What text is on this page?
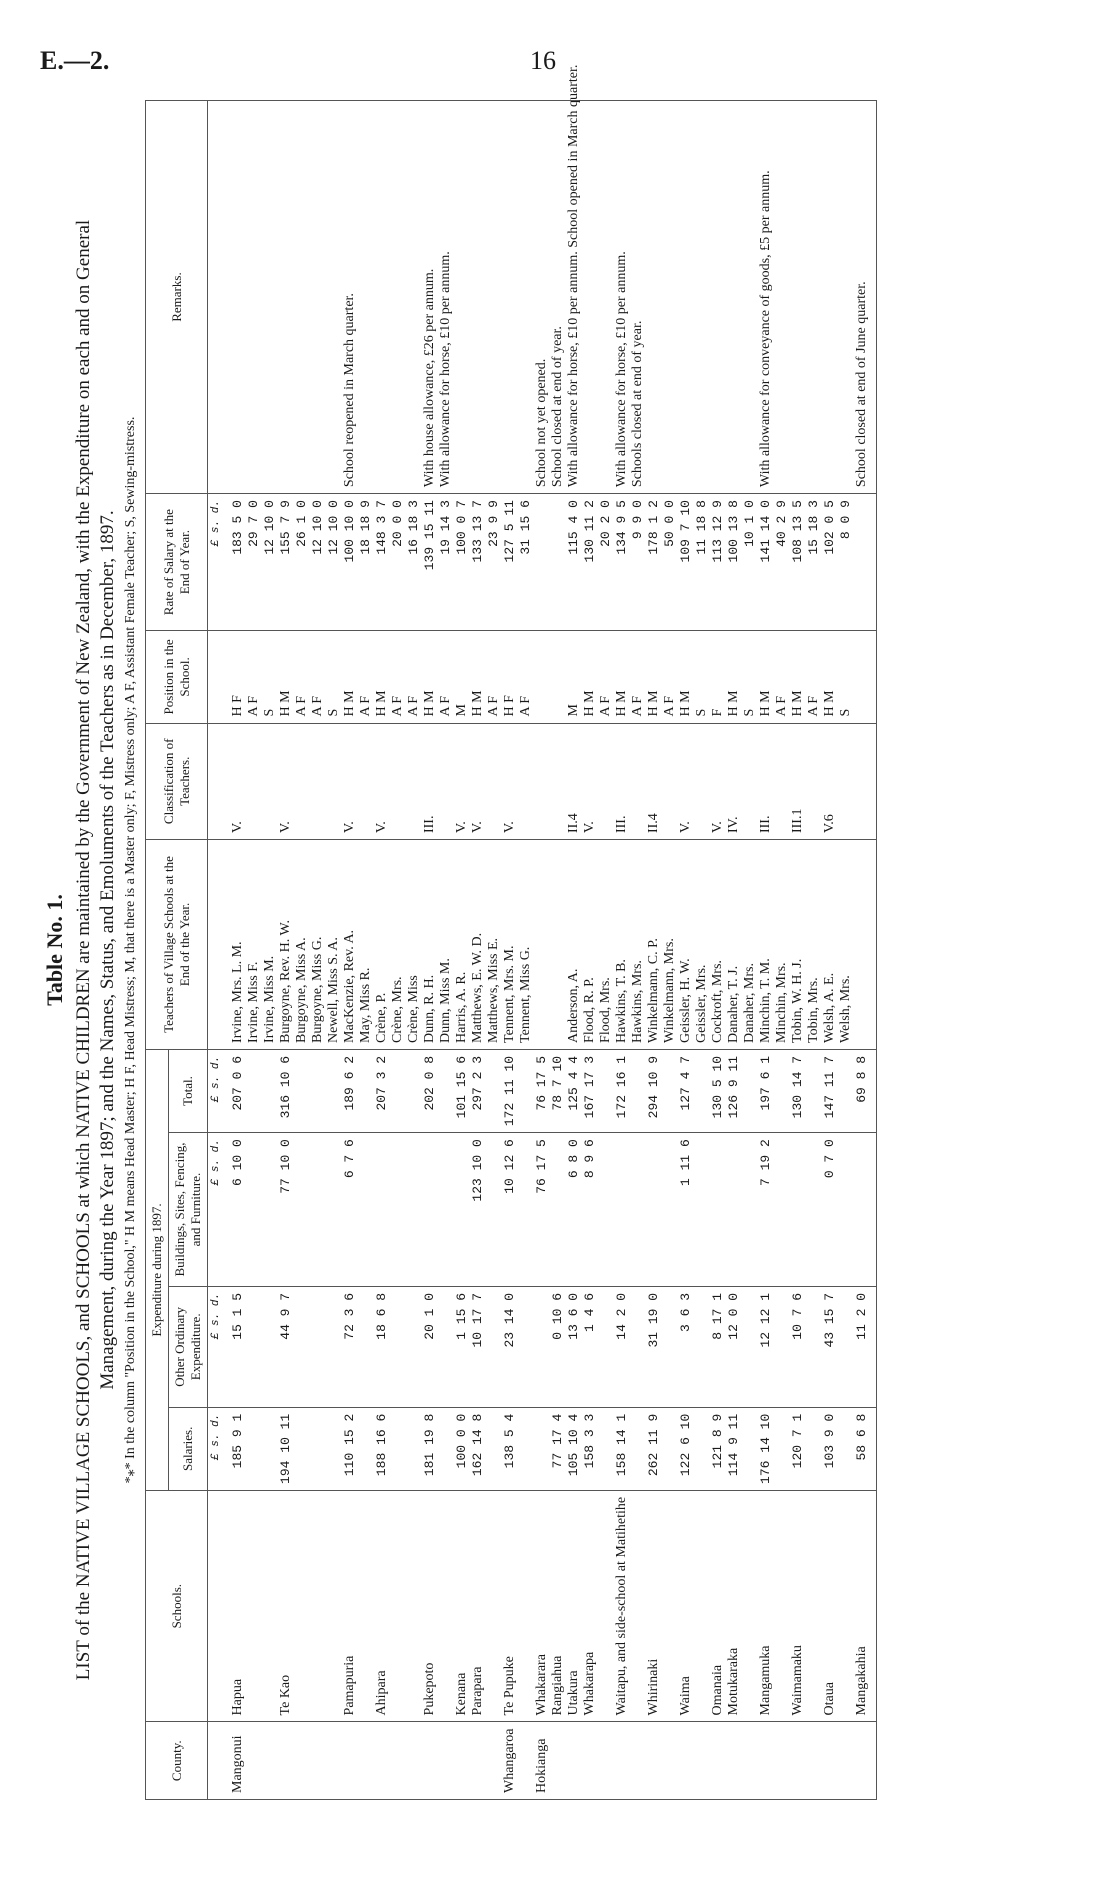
E.—2.	16
Table No. 1. LIST of the NATIVE VILLAGE SCHOOLS, and SCHOOLS at which NATIVE CHILDREN are maintained by the Government of New Zealand, with the Expenditure on each and on General Management, during the Year 1897; and the Names, Status, and Emoluments of the Teachers as in December, 1897. *⁎* In the column "Position in the School," H M means Head Master; H F, Head Mistress; M, that there is a Master only; F, Mistress only; A F, Assistant Female Teacher; S, Sewing-mistress.
County.	Schools.	Expenditure during 1897.				Teachers of Village Schools at the End of the Year.	Classification of Teachers.	Position in the School.	Rate of Salary at the End of Year.	Remarks.
		Salaries.	Other Ordinary Expenditure.	Buildings, Sites, Fencing, and Furniture.	Total.					
		£ s. d.	£ s. d.	£ s. d.	£ s. d.				£ s. d.	
Mangonui	Hapua	185 9 1	15 1 5	6 10 0	207 0 6	Irvine, Mrs. L. M.	V.	H F	183 5 0	
						Irvine, Miss F.		A F	29 7 0	
						Irvine, Miss M.		S	12 10 0	
	Te Kao	194 10 11	44 9 7	77 10 0	316 10 6	Burgoyne, Rev. H. W.	V.	H M	155 7 9	
						Burgoyne, Miss A.		A F	26 1 0	
						Burgoyne, Miss G.		A F	12 10 0	
						Newell, Miss S. A.		S	12 10 0	
	Pamapuria	110 15 2	72 3 6	6 7 6	189 6 2	MacKenzie, Rev. A.	V.	H M	100 10 0	School reopened in March quarter.
						May, Miss R.		A F	18 18 9	
	Ahipara	188 16 6	18 6 8		207 3 2	Crène, P.	V.	H M	148 3 7	
						Crène, Mrs.		A F	20 0 0	
						Crène, Miss		A F	16 18 3	
	Pukepoto	181 19 8	20 1 0		202 0 8	Dunn, R. H.	III.	H M	139 15 11	With house allowance, £26 per annum.
						Dunn, Miss M.		A F	19 14 3	With allowance for horse, £10 per annum.
	Kenana	100 0 0	1 15 6		101 15 6	Harris, A. R.	V.	M	100 0 7	
	Parapara	162 14 8	10 17 7	123 10 0	297 2 3	Matthews, E. W. D.	V.	H M	133 13 7	
						Matthews, Miss E.		A F	23 9 9	
Whangaroa	Te Pupuke	138 5 4	23 14 0	10 12 6	172 11 10	Tennent, Mrs. M.	V.	H F	127 5 11	
						Tennent, Miss G.		A F	31 15 6	
Hokianga	Whakarara			76 17 5	76 17 5					School not yet opened.
	Rangiahua	77 17 4	0 10 6		78 7 10					School closed at end of year.
	Utakura	105 10 4	13 6 0	6 8 0	125 4 4	Anderson, A.	II.4	M	115 4 0	With allowance for horse, £10 per annum. School opened in March quarter.
	Whakarapa	158 3 3	1 4 6	8 9 6	167 17 3	Flood, R. P.	V.	H M	130 11 2	
						Flood, Mrs.		A F	20 2 0	
	Waitapu, and side-school at Matihetihe	158 14 1	14 2 0		172 16 1	Hawkins, T. B.	III.	H M	134 9 5	With allowance for horse, £10 per annum.
						Hawkins, Mrs.		A F	9 9 0	Schools closed at end of year.
	Whirinaki	262 11 9	31 19 0		294 10 9	Winkelmann, C. P.	II.4	H M	178 1 2	
						Winkelmann, Mrs.		A F	50 0 0	
	Waima	122 6 10	3 6 3	1 11 6	127 4 7	Geissler, H. W.	V.	H M	109 7 10	
						Geissler, Mrs.		S	11 18 8	
	Omanaia	121 8 9	8 17 1		130 5 10	Cockroft, Mrs.	V.	F	113 12 9	
	Motukaraka	114 9 11	12 0 0		126 9 11	Danaher, T. J.	IV.	H M	100 13 8	
						Danaher, Mrs.		S	10 1 0	
	Mangamuka	176 14 10	12 12 1	7 19 2	197 6 1	Minchin, T. M.	III.	H M	141 14 0	With allowance for conveyance of goods, £5 per annum.
						Minchin, Mrs.		A F	40 2 9	
	Waimamaku	120 7 1	10 7 6		130 14 7	Tobin, W. H. J.	III.1	H M	108 13 5	
						Tobin, Mrs.		A F	15 18 3	
	Otaua	103 9 0	43 15 7	0 7 0	147 11 7	Welsh, A. E.	V.6	H M	102 0 5	
						Welsh, Mrs.		S	8 0 9	
	Mangakahia	58 6 8	11 2 0		69 8 8					School closed at end of June quarter.
